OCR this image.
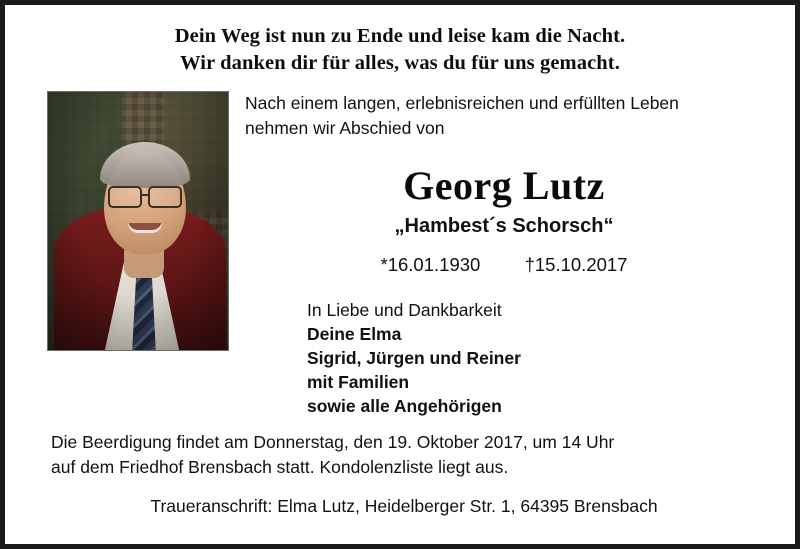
Dein Weg ist nun zu Ende und leise kam die Nacht.
Wir danken dir für alles, was du für uns gemacht.
Nach einem langen, erlebnisreichen und erfüllten Leben
nehmen wir Abschied von
Georg Lutz
„Hambest´s Schorsch“
*16.01.1930 †15.10.2017
In Liebe und Dankbarkeit
Deine Elma
Sigrid, Jürgen und Reiner
mit Familien
sowie alle Angehörigen
Die Beerdigung findet am Donnerstag, den 19. Oktober 2017, um 14 Uhr
auf dem Friedhof Brensbach statt. Kondolenzliste liegt aus.
Traueranschrift: Elma Lutz, Heidelberger Str. 1, 64395 Brensbach
